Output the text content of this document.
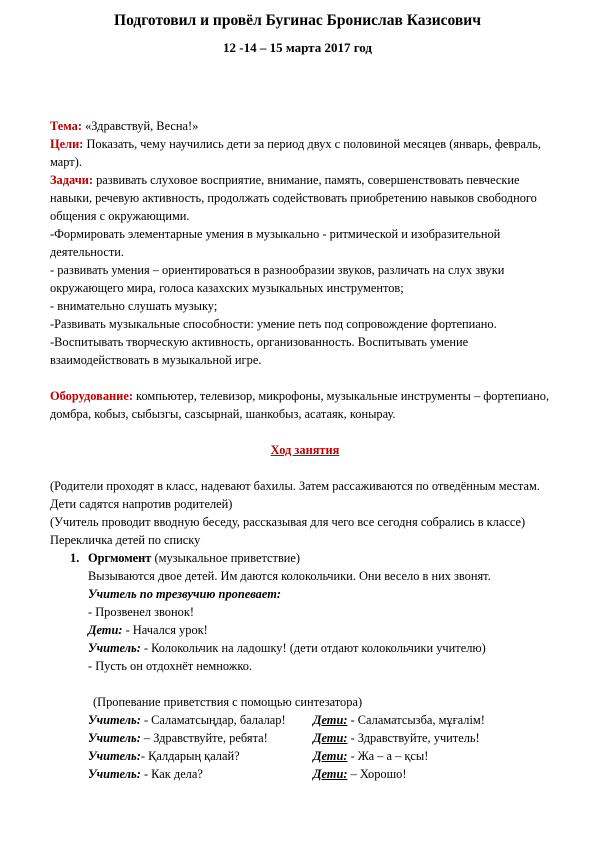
Подготовил и провёл Бугинас Бронислав Казисович
12 -14 – 15 марта 2017 год

Тема: «Здравствуй, Весна!»

Цели: Показать, чему научились дети за период двух с половиной месяцев (январь, февраль, март).

Задачи: развивать слуховое восприятие, внимание, память, совершенствовать певческие навыки, речевую активность, продолжать содействовать приобретению навыков свободного общения с окружающими.

-Формировать элементарные умения в музыкально - ритмической и изобразительной деятельности.

- развивать умения – ориентироваться в разнообразии звуков, различать на слух звуки окружающего мира, голоса казахских музыкальных инструментов;

- внимательно слушать музыку;

-Развивать музыкальные способности: умение петь под сопровождение фортепиано.

-Воспитывать творческую активность, организованность. Воспитывать умение взаимодействовать в музыкальной игре.

Оборудование: компьютер, телевизор, микрофоны, музыкальные инструменты – фортепиано, домбра, кобыз, сыбызгы, сазсырнай, шанкобыз, асатаяк, конырау.

Ход занятия

(Родители проходят в класс, надевают бахилы. Затем рассаживаются по отведённым местам. Дети садятся напротив родителей)

(Учитель проводит вводную беседу, рассказывая для чего все сегодня собрались в классе)

Перекличка детей по списку

1. Оргмомент (музыкальное приветствие)

Вызываются двое детей. Им даются колокольчики. Они весело в них звонят.

Учитель по трезвучию пропевает:

- Прозвенел звонок!

Дети: - Начался урок!

Учитель: - Колокольчик на ладошку! (дети отдают колокольчики учителю)

- Пусть он отдохнёт немножко.

(Пропевание приветствия с помощью синтезатора)

Учитель: - Саламатсыңдар, балалар!	Дети: - Саламатсызба, мұғалім!
Учитель: – Здравствуйте, ребята!	Дети: - Здравствуйте, учитель!
Учитель:- Қалдарың қалай?	Дети: - Жа – а – қсы!
Учитель: - Как дела?	Дети: – Хорошо!
